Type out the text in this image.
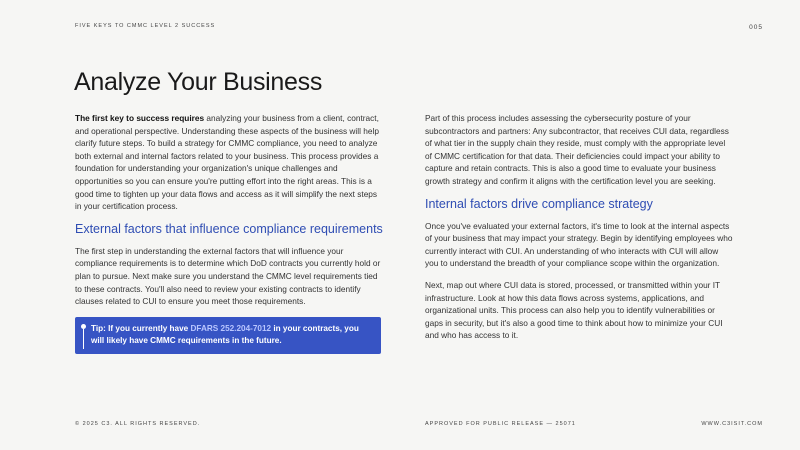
FIVE KEYS TO CMMC LEVEL 2 SUCCESS	005
Analyze Your Business

The first key to success requires analyzing your business from a client, contract, and operational perspective. Understanding these aspects of the business will help clarify future steps. To build a strategy for CMMC compliance, you need to analyze both external and internal factors related to your business. This process provides a foundation for understanding your organization's unique challenges and opportunities so you can ensure you're putting effort into the right areas. This is a good time to tighten up your data flows and access as it will simplify the next steps in your certification process.

External factors that influence compliance requirements

The first step in understanding the external factors that will influence your compliance requirements is to determine which DoD contracts you currently hold or plan to pursue. Next make sure you understand the CMMC level requirements tied to these contracts. You'll also need to review your existing contracts to identify clauses related to CUI to ensure you meet those requirements.

Tip: If you currently have DFARS 252.204-7012 in your contracts, you will likely have CMMC requirements in the future.

Part of this process includes assessing the cybersecurity posture of your subcontractors and partners: Any subcontractor, that receives CUI data, regardless of what tier in the supply chain they reside, must comply with the appropriate level of CMMC certification for that data. Their deficiencies could impact your ability to capture and retain contracts. This is also a good time to evaluate your business growth strategy and confirm it aligns with the certification level you are seeking.

Internal factors drive compliance strategy

Once you've evaluated your external factors, it's time to look at the internal aspects of your business that may impact your strategy. Begin by identifying employees who currently interact with CUI. An understanding of who interacts with CUI will allow you to understand the breadth of your compliance scope within the organization.

Next, map out where CUI data is stored, processed, or transmitted within your IT infrastructure. Look at how this data flows across systems, applications, and organizational units. This process can also help you to identify vulnerabilities or gaps in security, but it's also a good time to think about how to minimize your CUI and who has access to it.

© 2025 C3. ALL RIGHTS RESERVED.	APPROVED FOR PUBLIC RELEASE — 25071	WWW.C3ISIT.COM
